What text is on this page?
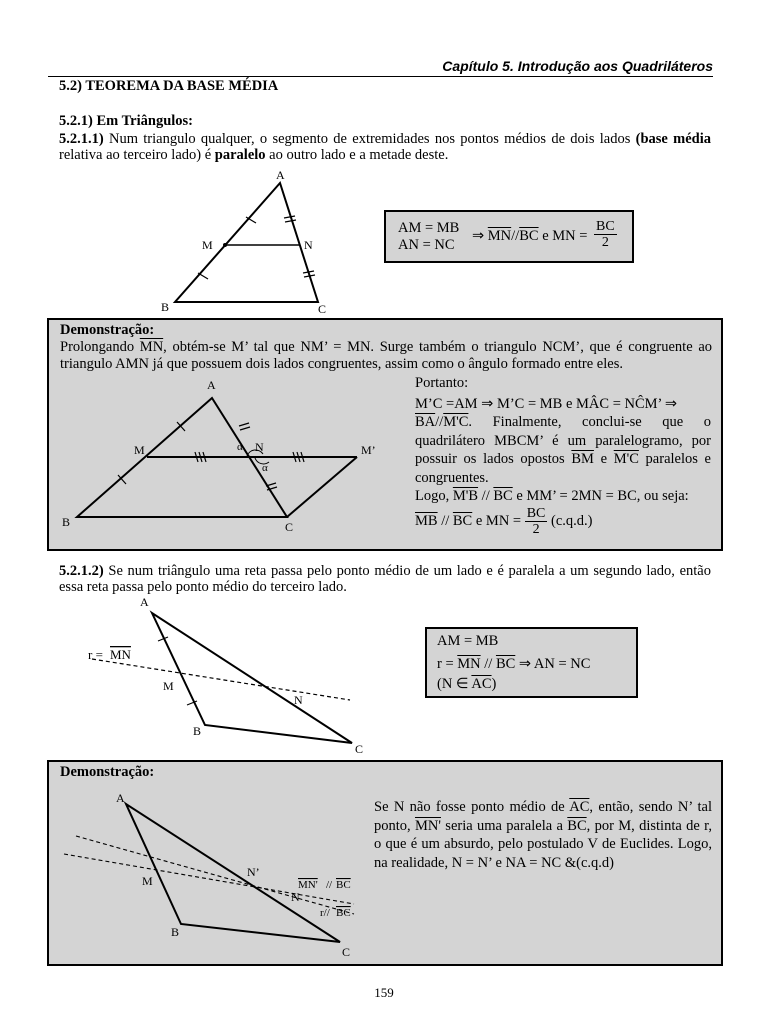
Capítulo 5. Introdução aos Quadriláteros
5.2) TEOREMA DA BASE MÉDIA
5.2.1) Em Triângulos:
5.2.1.1) Num triangulo qualquer, o segmento de extremidades nos pontos médios de dois lados (base média relativa ao terceiro lado) é paralelo ao outro lado e a metade deste.
A
B	C
M	N
AM = MB
AN = NC
⇒ $\overline{MN}//\overline{BC}$ e MN = $\frac{BC}{2}$
Demonstração:
Prolongando $\overline{MN}$, obtém-se M’ tal que NM’ = MN. Surge também o triangulo NCM’, que é congruente ao triangulo AMN já que possuem dois lados congruentes, assim como o ângulo formado entre eles.
A
B	C
M	N	M’
α
α
Portanto:
M’C =AM ⇒ M’C = MB e MÂC = NĈM’ ⇒
$\overline{BA}//M'C$. Finalmente, conclui-se que o quadrilátero MBCM’ é um paralelogramo, por possuir os lados opostos $\overline{BM}$ e M'C paralelos e congruentes.
Logo, $M'B // \overline{BC}$ e MM’ = 2MN = BC, ou seja:
$\overline{MB} // \overline{BC}$ e MN = $\frac{BC}{2} (c.q.d.)$
5.2.1.2) Se num triângulo uma reta passa pelo ponto médio de um lado e é paralela a um segundo lado, então essa reta passa pelo ponto médio do terceiro lado.
A
B
C
M
N
r = MN
AM = MB
$r = \overline{MN} // \overline{BC}$ ⇒ AN = NC
(N ∈ $\overline{AC}$)
Demonstração:
A
B
C
M
N
N’
MN' // BC
r// BC
Se N não fosse ponto médio de $\overline{AC}$, então, sendo N’ tal ponto, MN' seria uma paralela a $\overline{BC}$, por M, distinta de r, o que é um absurdo, pelo postulado V de Euclides. Logo, na realidade, N = N’ e NA = NC &(c.q.d)
159
